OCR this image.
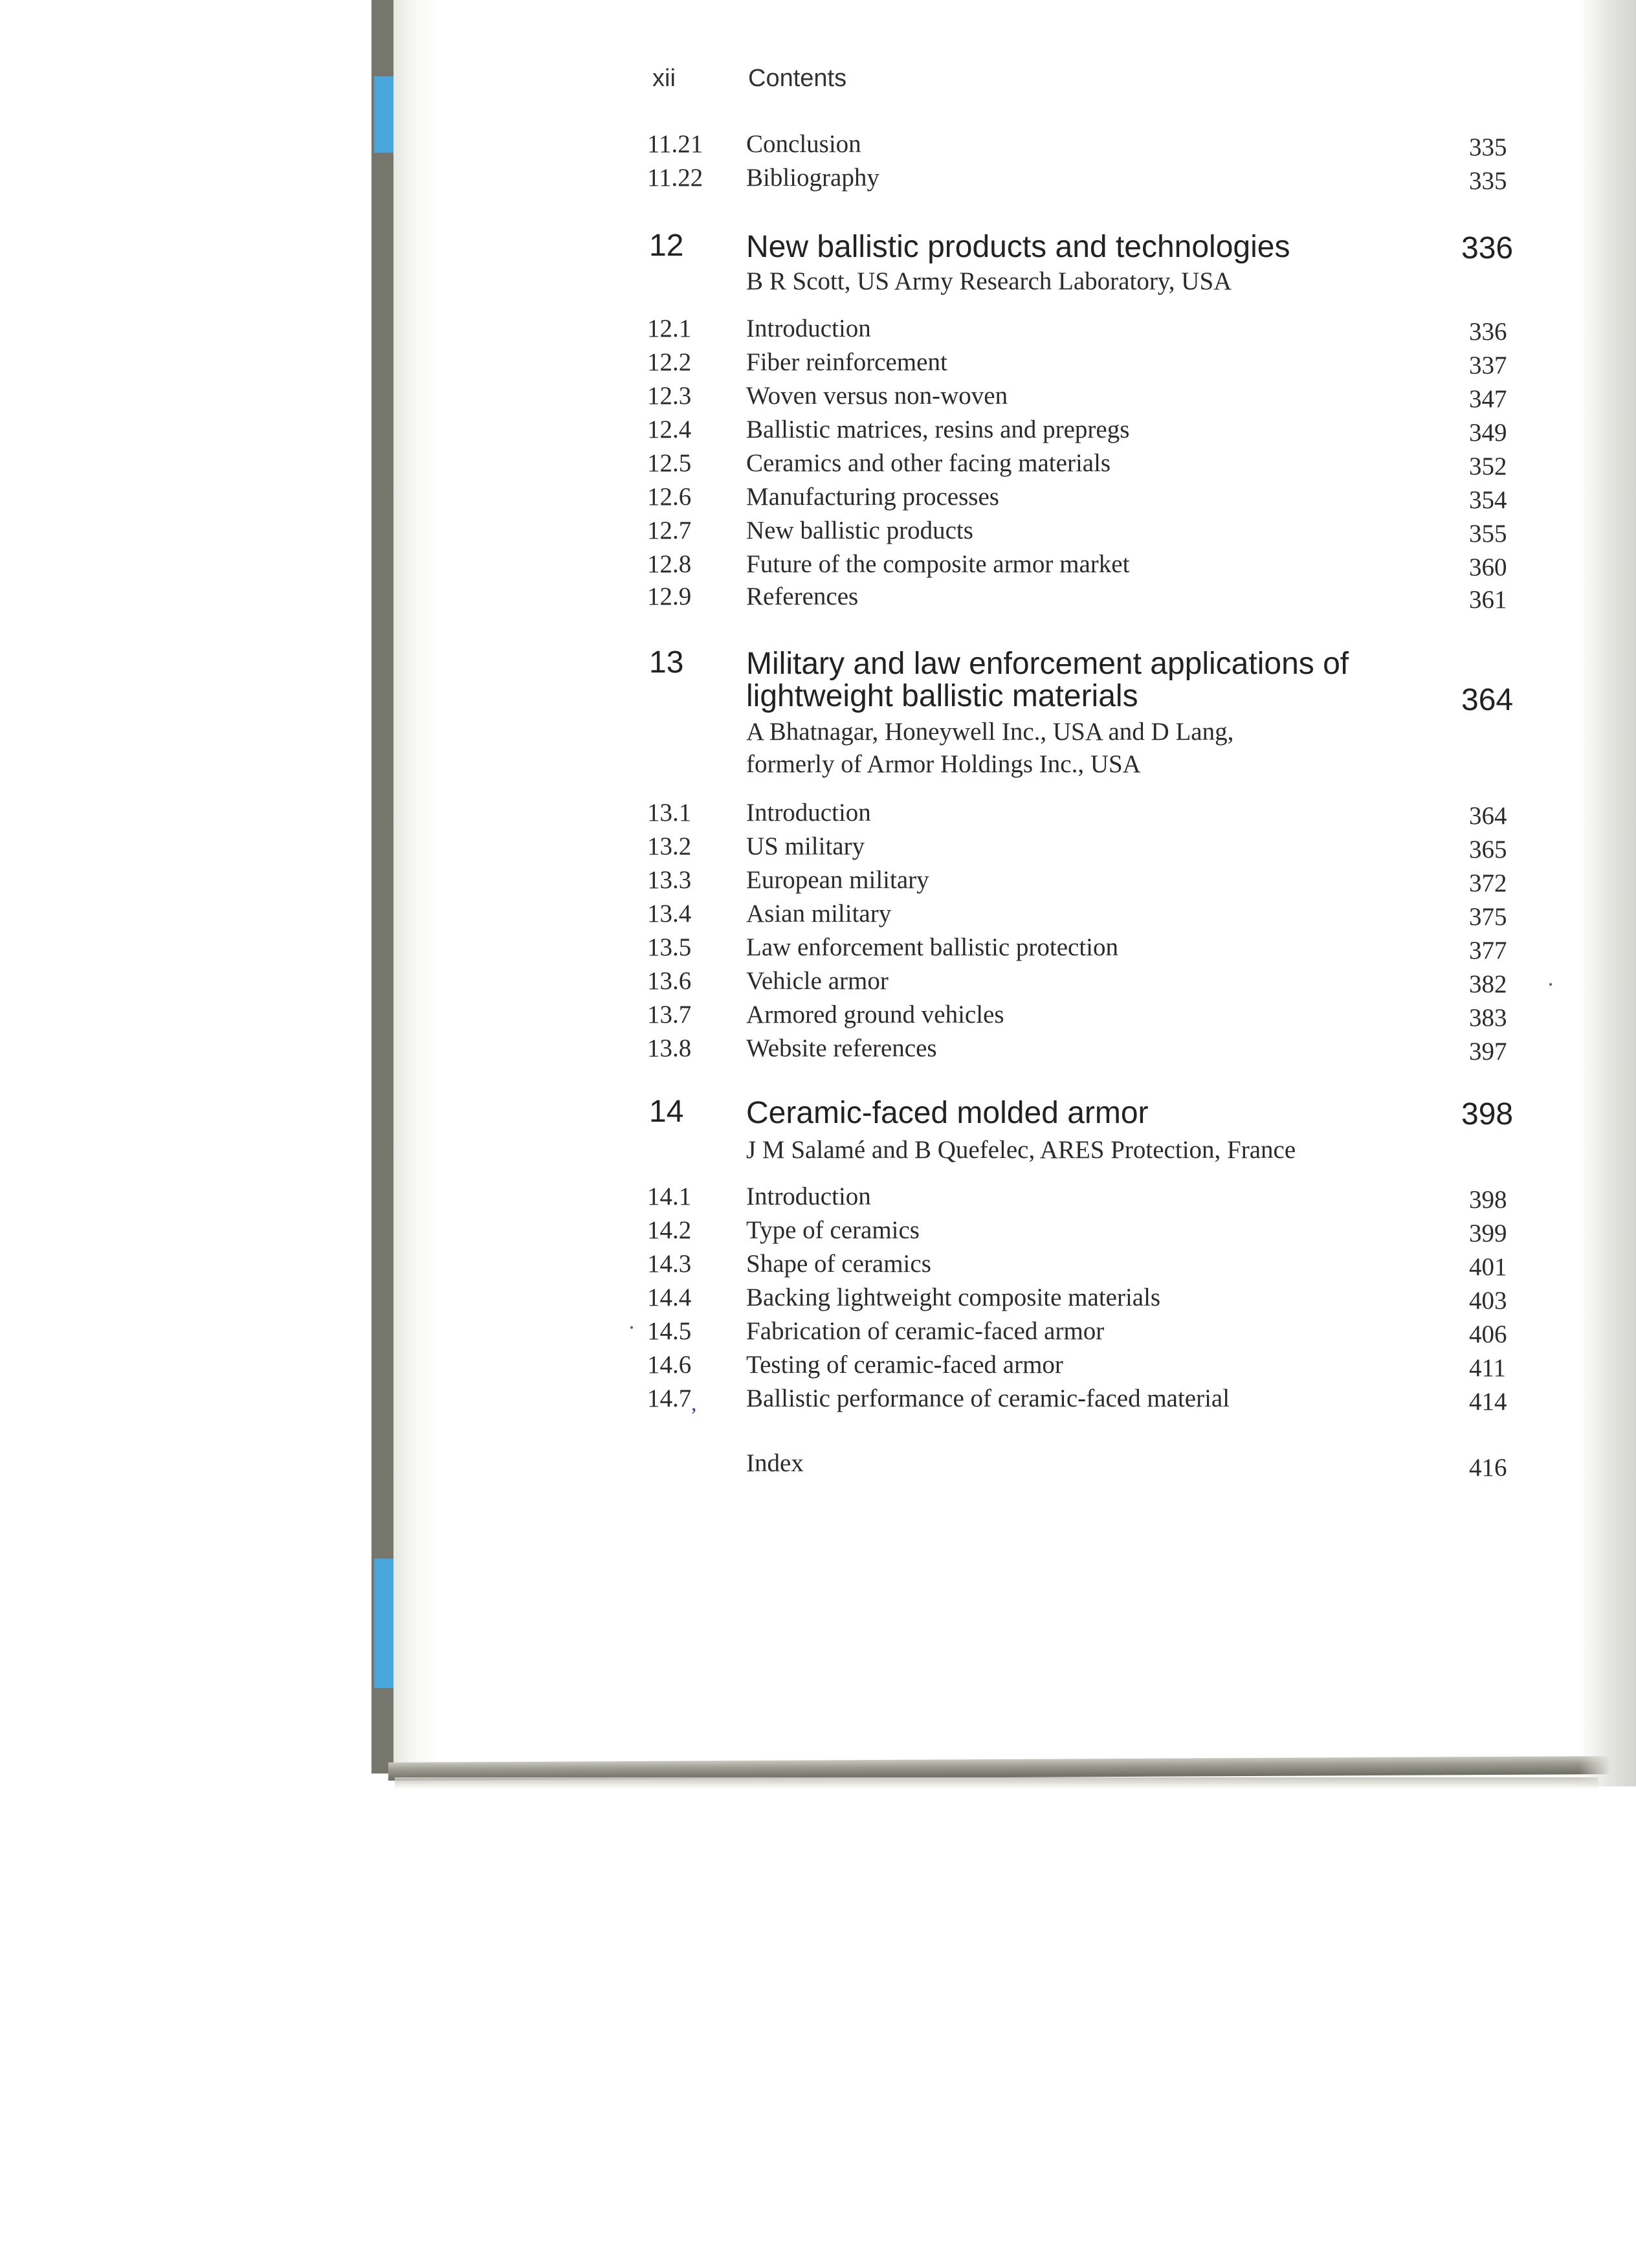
xii	Contents
11.21 Conclusion	335
11.22 Bibliography	335
12 New ballistic products and technologies	336
B R Scott, US Army Research Laboratory, USA
12.1 Introduction	336
12.2 Fiber reinforcement	337
12.3 Woven versus non-woven	347
12.4 Ballistic matrices, resins and prepregs	349
12.5 Ceramics and other facing materials	352
12.6 Manufacturing processes	354
12.7 New ballistic products	355
12.8 Future of the composite armor market	360
12.9 References	361
13 Military and law enforcement applications of
lightweight ballistic materials	364
A Bhatnagar, Honeywell Inc., USA and D Lang,
formerly of Armor Holdings Inc., USA
13.1 Introduction	364
13.2 US military	365
13.3 European military	372
13.4 Asian military	375
13.5 Law enforcement ballistic protection	377
13.6 Vehicle armor	382
13.7 Armored ground vehicles	383
13.8 Website references	397
14 Ceramic-faced molded armor	398
J M Salamé and B Quefelec, ARES Protection, France
14.1 Introduction	398
14.2 Type of ceramics	399
14.3 Shape of ceramics	401
14.4 Backing lightweight composite materials	403
14.5 Fabrication of ceramic-faced armor	406
14.6 Testing of ceramic-faced armor	411
14.7 Ballistic performance of ceramic-faced material	414
Index	416
·
·
,
